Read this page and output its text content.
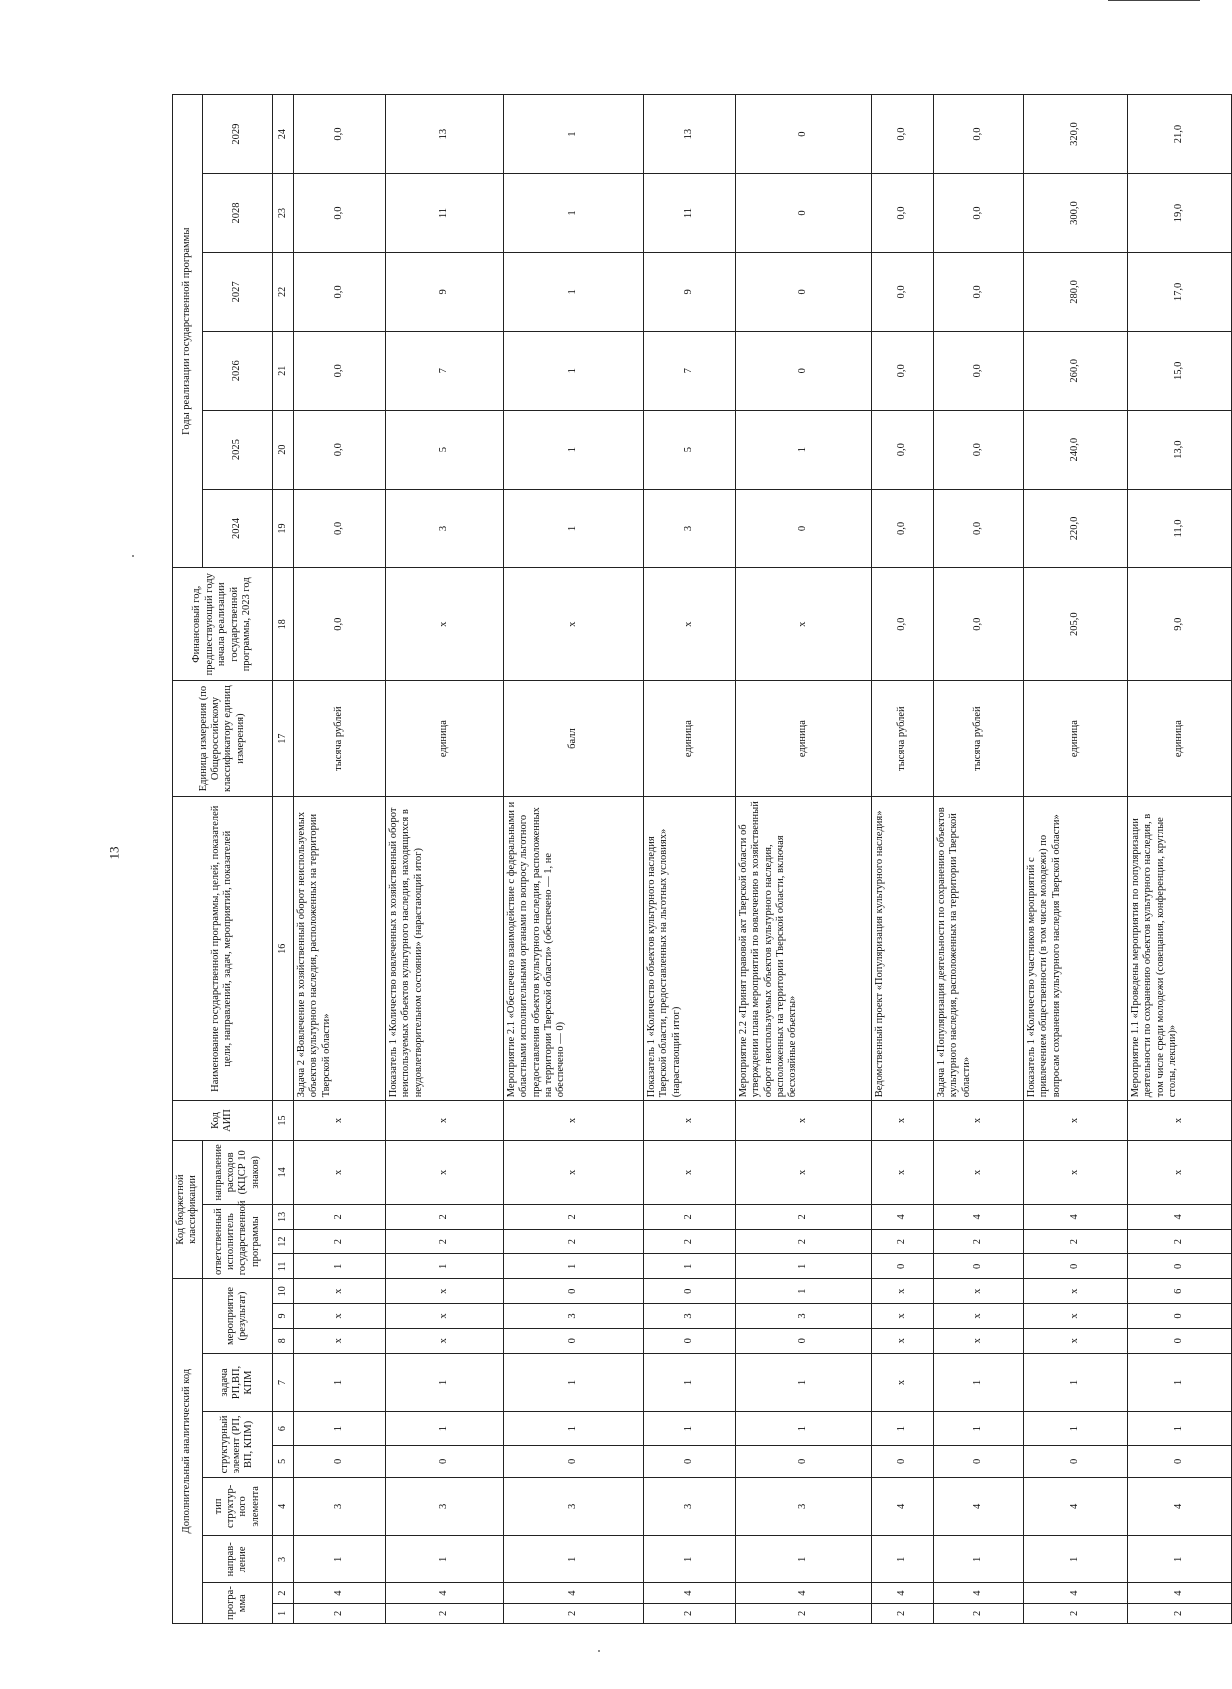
13
Дополнительный аналитический код										Код бюджетной классификации				Код АИП	Наименование государственной программы, целей, показателей цели, направлений, задач, мероприятий, показателей	Единица измерения (по Общероссийскому классификатору единиц измерения)	Финансовый год, предшествующий году начала реализации государственной программы, 2023 год	Годы реализации государственной программы					
програ-мма		направ-ление	тип структур-ного элемента	структурный элемент (РП, ВП, КПМ)		задача РП,ВП, КПМ	мероприятие (результат)			ответственный исполнитель государственной программы			направление расходов (КЦСР 10 знаков)					2024	2025	2026	2027	2028	2029
1	2	3	4	5	6	7	8	9	10	11	12	13	14	15	16	17	18	19	20	21	22	23	24
2	4	1	3	0	1	1	x	x	x	1	2	2	x	x	Задача 2 «Вовлечение в хозяйственный оборот неиспользуемых объектов культурного наследия, расположенных на территории Тверской области»	тысяча рублей	0,0	0,0	0,0	0,0	0,0	0,0	0,0
2	4	1	3	0	1	1	x	x	x	1	2	2	x	x	Показатель 1 «Количество вовлеченных в хозяйственный оборот неиспользуемых объектов культурного наследия, находящихся в неудовлетворительном состоянии» (нарастающий итог)	единица	x	3	5	7	9	11	13
2	4	1	3	0	1	1	0	3	0	1	2	2	x	x	Мероприятие 2.1 «Обеспечено взаимодействие с федеральными и областными исполнительными органами по вопросу льготного предоставления объектов культурного наследия, расположенных на территории Тверской области» (обеспечено — 1, не обеспечено — 0)	балл	x	1	1	1	1	1	1
2	4	1	3	0	1	1	0	3	0	1	2	2	x	x	Показатель 1 «Количество объектов культурного наследия Тверской области, предоставленных на льготных условиях» (нарастающий итог)	единица	x	3	5	7	9	11	13
2	4	1	3	0	1	1	0	3	1	1	2	2	x	x	Мероприятие 2.2 «Принят правовой акт Тверской области об утверждении плана мероприятий по вовлечению в хозяйственный оборот неиспользуемых объектов культурного наследия, расположенных на территории Тверской области, включая бесхозяйные объекты»	единица	x	0	1	0	0	0	0
2	4	1	4	0	1	x	x	x	x	0	2	4	x	x	Ведомственный проект «Популяризация культурного наследия»	тысяча рублей	0,0	0,0	0,0	0,0	0,0	0,0	0,0
2	4	1	4	0	1	1	x	x	x	0	2	4	x	x	Задача 1 «Популяризация деятельности по сохранению объектов культурного наследия, расположенных на территории Тверской области»	тысяча рублей	0,0	0,0	0,0	0,0	0,0	0,0	0,0
2	4	1	4	0	1	1	x	x	x	0	2	4	x	x	Показатель 1 «Количество участников мероприятий с привлечением общественности (в том числе молодежи) по вопросам сохранения культурного наследия Тверской области»	единица	205,0	220,0	240,0	260,0	280,0	300,0	320,0
2	4	1	4	0	1	1	0	0	6	0	2	4	x	x	Мероприятие 1.1 «Проведены мероприятия по популяризации деятельности по сохранению объектов культурного наследия, в том числе среди молодежи (совещания, конференции, круглые столы, лекции)»	единица	9,0	11,0	13,0	15,0	17,0	19,0	21,0
